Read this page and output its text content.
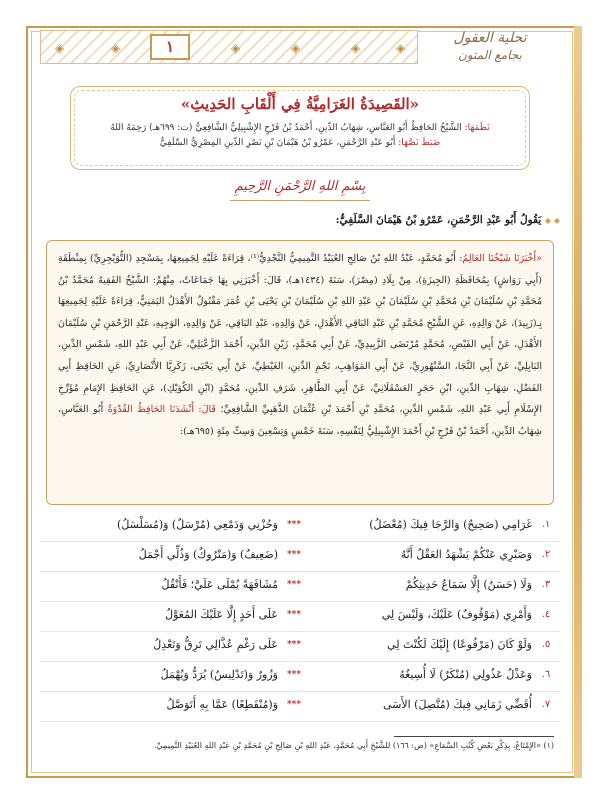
◈	◈	◈	◈	◈	◈
١	تحلية العقول
بجامع المتون
«القَصِيدَةُ الغَرَامِيَّةُ فِي أَلْقَابِ الحَدِيثِ»
نَظَمَهَا: الشَّيْخُ الحَافِظُ أَبُو العَبَّاسِ، شِهَابُ الدِّينِ، أَحْمَدُ بْنُ فَرْحٍ الإِشْبِيلِيُّ الشَّافِعِيُّ (ت: ٦٩٩هـ) رَحِمَهُ اللهُ
ضَبَطَ نَصَّهَا: أَبُو عَبْدِ الرَّحْمَنِ، عَمْرُو بْنُ هَيْمَانَ بْنِ نَصْرِ الدِّينِ المِصْرِيُّ السَّلَفِيُّ
بِسْمِ اللهِ الرَّحْمَنِ الرَّحِيمِ
◆ ◆ يَقُولُ أَبُو عَبْدِ الرَّحْمَنِ، عَمْرُو بْنُ هَيْمَانَ السَّلَفِيُّ:
«أَخْبَرَنَا شَيْخُنَا العَالِمُ: أَبُو مُحَمَّدٍ، عَبْدُ اللهِ بْنُ صَالِحِ العُبَيْدُ التَّمِيمِيُّ النَّجْدِيُّ⁽¹⁾، قِرَاءَةً عَلَيْهِ لِجَمِيعِهَا، بِمَسْجِدِ (التُّوَيْجِرِيِّ) بِمِنْطَقَةِ (أَبِي رَوَاشٍ) بِمُحَافَظَةِ (الجِيزَةِ)، مِنْ بِلَادِ (مِصْرَ)، سَنَةَ (١٤٣٤هـ)، قَالَ: أَخْبَرَنِي بِهَا جَمَاعَاتٌ، مِنْهُمْ: الشَّيْخُ الفَقِيهُ مُحَمَّدُ بْنُ مُحَمَّدِ بْنِ سُلَيْمَانَ بْنِ مُحَمَّدِ بْنِ سُلَيْمَانَ بْنِ عَبْدِ اللهِ بْنِ سُلَيْمَانَ بْنِ يَحْيَى بْنِ عُمَرَ مَقْبُولٌ الأَهْدَلُ اليَمَنِيُّ، قِرَاءَةً عَلَيْهِ لِجَمِيعِهَا بِـ(زَبِيدَ)، عَنْ وَالِدِهِ، عَنِ الشَّيْخِ مُحَمَّدِ بْنِ عَبْدِ البَاقِي الأَهْدَلِ، عَنْ وَالِدِهِ، عَبْدِ البَاقِي، عَنْ وَالِدِهِ، الوَجِيهِ، عَبْدِ الرَّحْمَنِ بْنِ سُلَيْمَانَ الأَهْدَلِ، عَنْ أَبِي الفَيْضِ، مُحَمَّدٍ مُرْتَضَى الزَّبِيدِيِّ، عَنْ أَبِي مُحَمَّدٍ، زَيْنِ الدِّينِ، أَحْمَدَ الزَّعْبَلِيِّ، عَنْ أَبِي عَبْدِ اللهِ، شَمْسِ الدِّينِ، البَابِلِيِّ، عَنْ أَبِي النَّجَا، السَّنْهُورِيِّ، عَنْ أَبِي المَوَاهِبِ، نَجْمِ الدِّينِ، الغَيْطِيِّ، عَنْ أَبِي يَحْيَى، زَكَرِيَّا الأَنْصَارِيِّ، عَنِ الحَافِظِ أَبِي الفَضْلِ، شِهَابِ الدِّينِ، ابْنِ حَجَرٍ العَسْقَلَانِيِّ، عَنْ أَبِي الطَّاهِرِ، شَرَفِ الدِّينِ، مُحَمَّدٍ (ابْنِ الكُوَيْكِ)، عَنِ الحَافِظِ الإِمَامِ مُؤَرِّخِ الإِسْلَامِ أَبِي عَبْدِ اللهِ، شَمْسِ الدِّينِ، مُحَمَّدِ بْنِ أَحْمَدَ بْنِ عُثْمَانَ الذَّهَبِيِّ الشَّافِعِيِّ؛ قَالَ: أَنْشَدَنَا الحَافِظُ القُدْوَةُ أَبُو العَبَّاسِ، شِهَابُ الدِّينِ، أَحْمَدُ بْنُ فَرْحٍ بْنِ أَحْمَدَ الإِشْبِيلِيُّ لِنَفْسِهِ، سَنَةَ خَمْسٍ وَتِسْعِينَ وَسِتِّ مِئَةٍ (٦٩٥هـ):
١.
غَرَامِي (صَحِيحٌ) وَالرَّجَا فِيكَ (مُعْضَلُ)
***
وَحُزْنِي وَدَمْعِي (مُرْسَلٌ) وَ(مُسَلْسَلُ)
٢.
وَصَبْرِي عَنْكُمْ يَشْهَدُ العَقْلُ أَنَّهُ
***
(ضَعِيفٌ) وَ(مَتْرُوكٌ) وَذُلِّي أَجْمَلُ
٣.
وَلَا (حَسَنٌ) إِلَّا سَمَاعُ حَدِيثِكُمْ
***
مُشَافَهَةً يُمْلَى عَلَيَّ؛ فَأَنْقُلُ
٤.
وَأَمْرِي (مَوْقُوفٌ) عَلَيْكَ، وَلَيْسَ لِي
***
عَلَى أَحَدٍ إِلَّا عَلَيْكَ المُعَوَّلُ
٥.
وَلَوْ كَانَ (مَرْفُوعًا) إِلَيْكَ لَكُنْتَ لِي
***
عَلَى رَغْمِ عُذَّالِي تَرِقُّ وَتَعْدِلُ
٦.
وَعَذْلُ عَذُولِي (مُنْكَرٌ) لَا أُسِيغُهُ
***
وَزُورٌ وَ(تَدْلِيسٌ) يُرَدُّ وَيُهْمَلُ
٧.
أُقَضِّي زَمَانِي فِيكَ (مُتَّصِلَ) الأَسَى
***
وَ(مُنْقَطِعًا) عَمَّا بِهِ أَتَوَصَّلُ
(١) «الإِمْتَاعُ، بِذِكْرِ بَعْضِ كُتُبِ السَّمَاعِ» (ص: ١٦٦) للشَّيْخِ أَبِي مُحَمَّدٍ، عَبْدِ اللهِ بْنِ صَالِحِ بْنِ مُحَمَّدِ بْنِ عَبْدِ اللهِ العُبَيْدِ التَّمِيمِيِّ.
